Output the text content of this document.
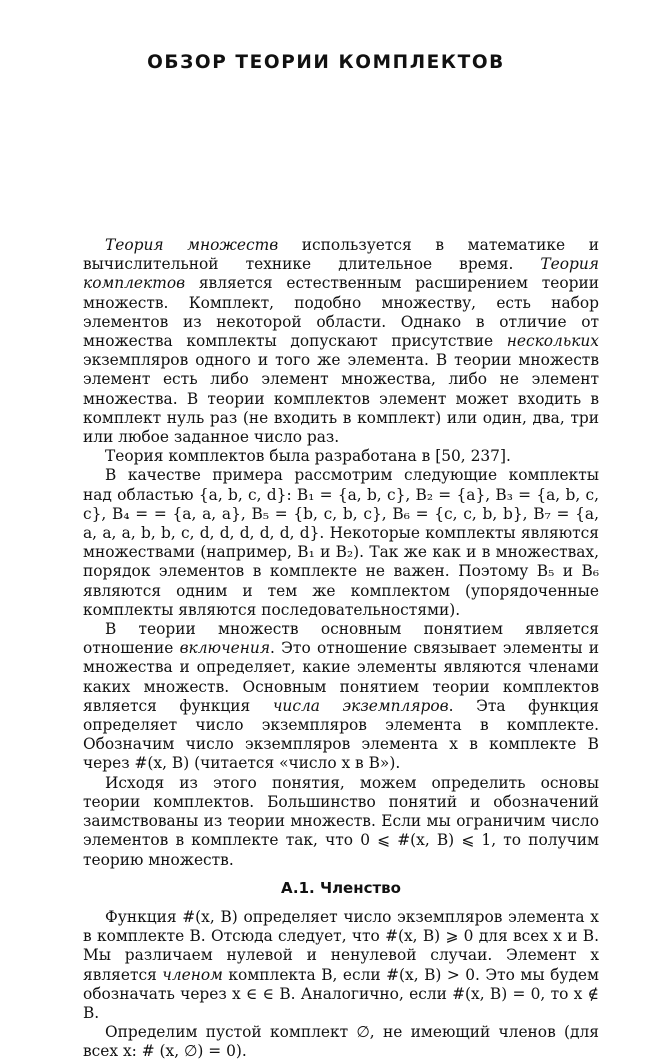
ОБЗОР ТЕОРИИ КОМПЛЕКТОВ

Теория множеств используется в математике и вычислительной технике длительное время. Теория комплектов является естественным расширением теории множеств. Комплект, подобно множеству, есть набор элементов из некоторой области. Однако в отличие от множества комплекты допускают присутствие нескольких экземпляров одного и того же элемента. В теории множеств элемент есть либо элемент множества, либо не элемент множества. В теории комплектов элемент может входить в комплект нуль раз (не входить в комплект) или один, два, три или любое заданное число раз.

Теория комплектов была разработана в [50, 237].

В качестве примера рассмотрим следующие комплекты над областью {a, b, c, d}: B₁ = {a, b, c}, B₂ = {a}, B₃ = {a, b, c, c}, B₄ = = {a, a, a}, B₅ = {b, c, b, c}, B₆ = {c, c, b, b}, B₇ = {a, a, a, a, b, b, c, d, d, d, d, d, d}. Некоторые комплекты являются множествами (например, B₁ и B₂). Так же как и в множествах, порядок элементов в комплекте не важен. Поэтому B₅ и B₆ являются одним и тем же комплектом (упорядоченные комплекты являются последовательностями).

В теории множеств основным понятием является отношение включения. Это отношение связывает элементы и множества и определяет, какие элементы являются членами каких множеств. Основным понятием теории комплектов является функция числа экземпляров. Эта функция определяет число экземпляров элемента в комплекте. Обозначим число экземпляров элемента x в комплекте B через #(x, B) (читается «число x в B»).

Исходя из этого понятия, можем определить основы теории комплектов. Большинство понятий и обозначений заимствованы из теории множеств. Если мы ограничим число элементов в комплекте так, что 0 ⩽ #(x, B) ⩽ 1, то получим теорию множеств.

A.1. Членство

Функция #(x, B) определяет число экземпляров элемента x в комплекте B. Отсюда следует, что #(x, B) ⩾ 0 для всех x и B. Мы различаем нулевой и ненулевой случаи. Элемент x является членом комплекта B, если #(x, B) > 0. Это мы будем обозначать через x ∈ ∈ B. Аналогично, если #(x, B) = 0, то x ∉ B.

Определим пустой комплект ∅, не имеющий членов (для всех x: # (x, ∅) = 0).
